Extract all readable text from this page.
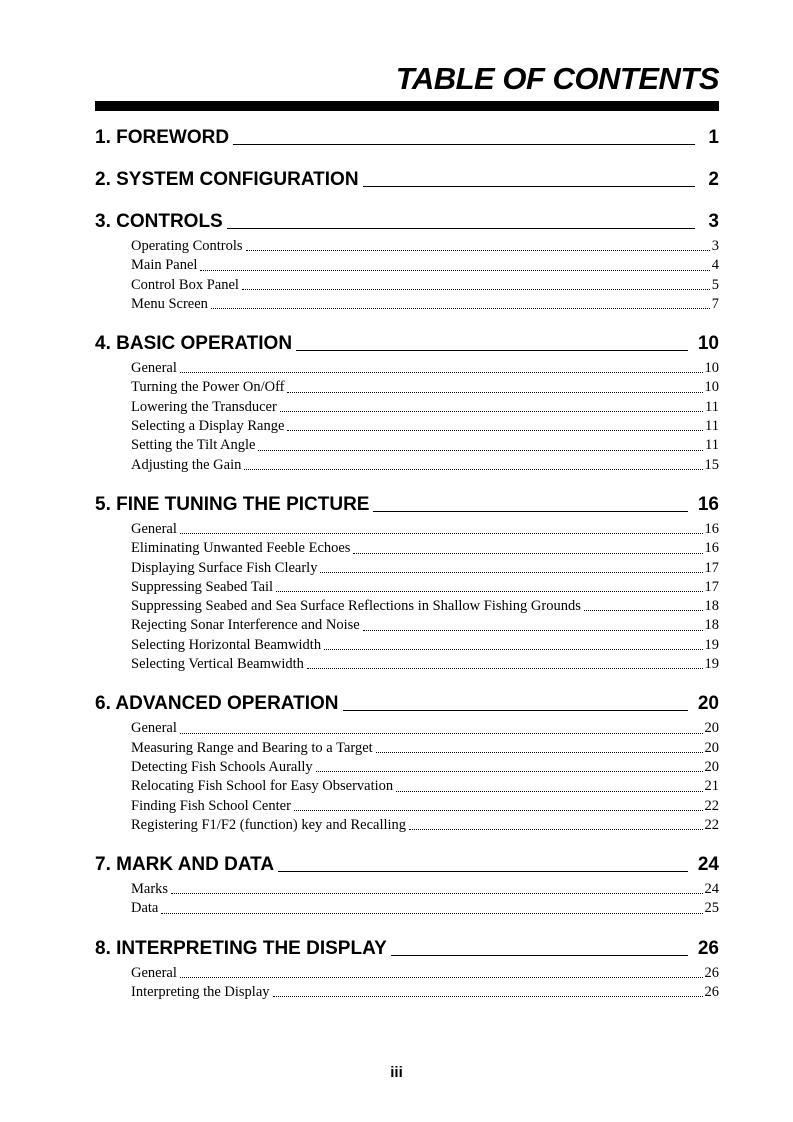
TABLE OF CONTENTS
1. FOREWORD	1
2. SYSTEM CONFIGURATION	2
3. CONTROLS	3
Operating Controls	3
Main Panel	4
Control Box Panel	5
Menu Screen	7
4. BASIC OPERATION	10
General	10
Turning the Power On/Off	10
Lowering the Transducer	11
Selecting a Display Range	11
Setting the Tilt Angle	11
Adjusting the Gain	15
5. FINE TUNING THE PICTURE	16
General	16
Eliminating Unwanted Feeble Echoes	16
Displaying Surface Fish Clearly	17
Suppressing Seabed Tail	17
Suppressing Seabed and Sea Surface Reflections in Shallow Fishing Grounds	18
Rejecting Sonar Interference and Noise	18
Selecting Horizontal Beamwidth	19
Selecting Vertical Beamwidth	19
6. ADVANCED OPERATION	20
General	20
Measuring Range and Bearing to a Target	20
Detecting Fish Schools Aurally	20
Relocating Fish School for Easy Observation	21
Finding Fish School Center	22
Registering F1/F2 (function) key and Recalling	22
7. MARK AND DATA	24
Marks	24
Data	25
8. INTERPRETING THE DISPLAY	26
General	26
Interpreting the Display	26
iii
